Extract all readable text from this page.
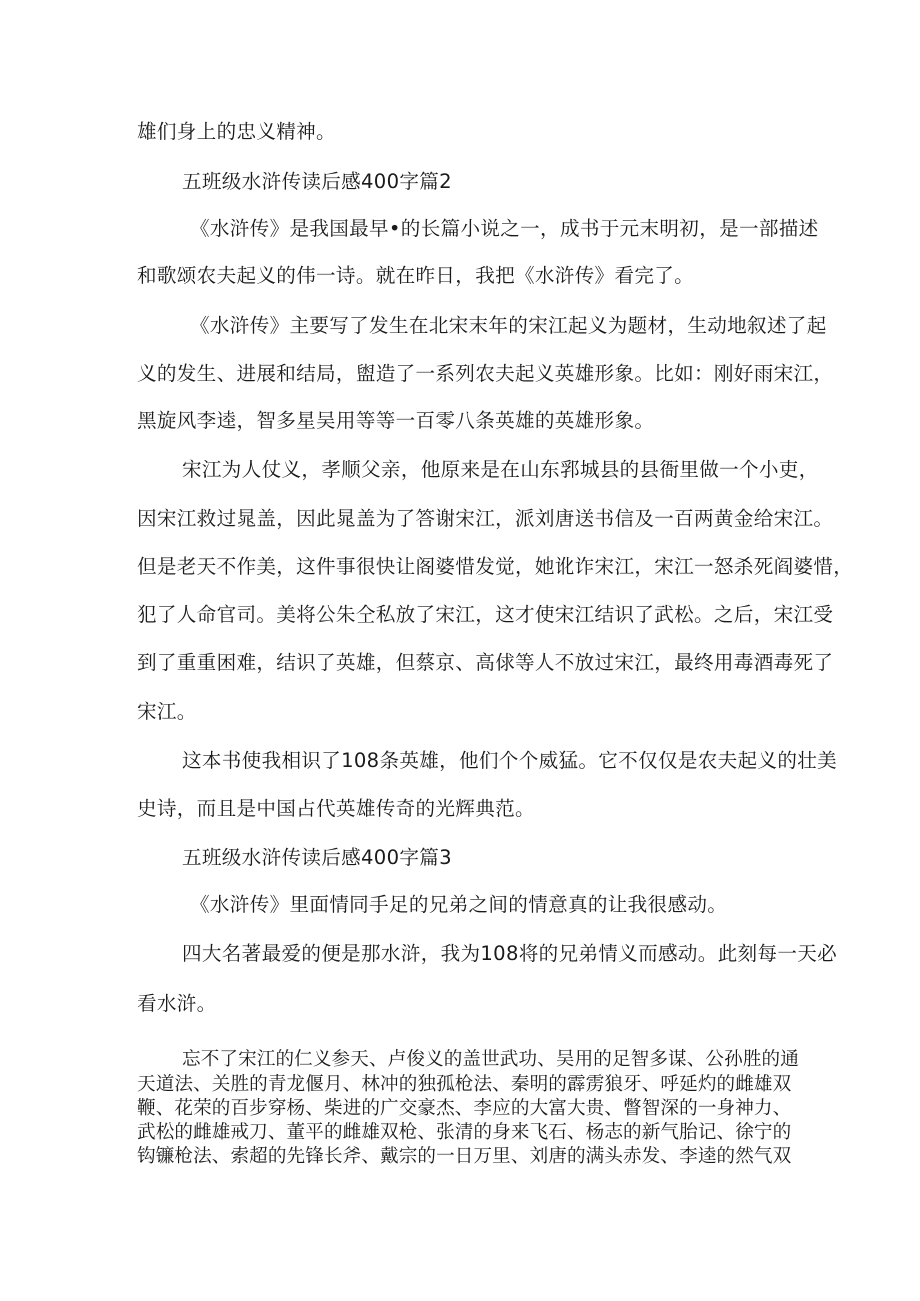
雄们身上的忠义精神。
五班级水浒传读后感400字篇2
《水浒传》是我国最早•的长篇小说之一，成书于元末明初，是一部描述
和歌颂农夫起义的伟一诗。就在昨日，我把《水浒传》看完了。
《水浒传》主要写了发生在北宋末年的宋江起义为题材，生动地叙述了起
义的发生、进展和结局，盥造了一系列农夫起义英雄形象。比如：刚好雨宋江，
黑旋风李逵，智多星吴用等等一百零八条英雄的英雄形象。
宋江为人仗义，孝顺父亲，他原来是在山东郛城县的县衙里做一个小吏，
因宋江救过晁盖，因此晁盖为了答谢宋江，派刘唐送书信及一百两黄金给宋江。
但是老天不作美，这件事很快让阁婆惜发觉，她讹诈宋江，宋江一怒杀死阎婆惜，
犯了人命官司。美将公朱仝私放了宋江，这才使宋江结识了武松。之后，宋江受
到了重重困难，结识了英雄，但蔡京、高俅等人不放过宋江，最终用毒酒毒死了
宋江。
这本书使我相识了108条英雄，他们个个威猛。它不仅仅是农夫起义的壮美
史诗，而且是中国占代英雄传奇的光辉典范。
五班级水浒传读后感400字篇3
《水浒传》里面情同手足的兄弟之间的情意真的让我很感动。
四大名著最爱的便是那水浒，我为108将的兄弟情义而感动。此刻每一天必
看水浒。
忘不了宋江的仁义参天、卢俊义的盖世武功、吴用的足智多谋、公孙胜的通
天道法、关胜的青龙偃月、林冲的独孤枪法、秦明的霹雳狼牙、呼延灼的雌雄双
鞭、花荣的百步穿杨、柴进的广交豪杰、李应的大富大贵、瞥智深的一身神力、
武松的雌雄戒刀、董平的雌雄双枪、张清的身来飞石、杨志的新气胎记、徐宁的
钩镰枪法、索超的先锋长斧、戴宗的一日万里、刘唐的满头赤发、李逵的然气双
